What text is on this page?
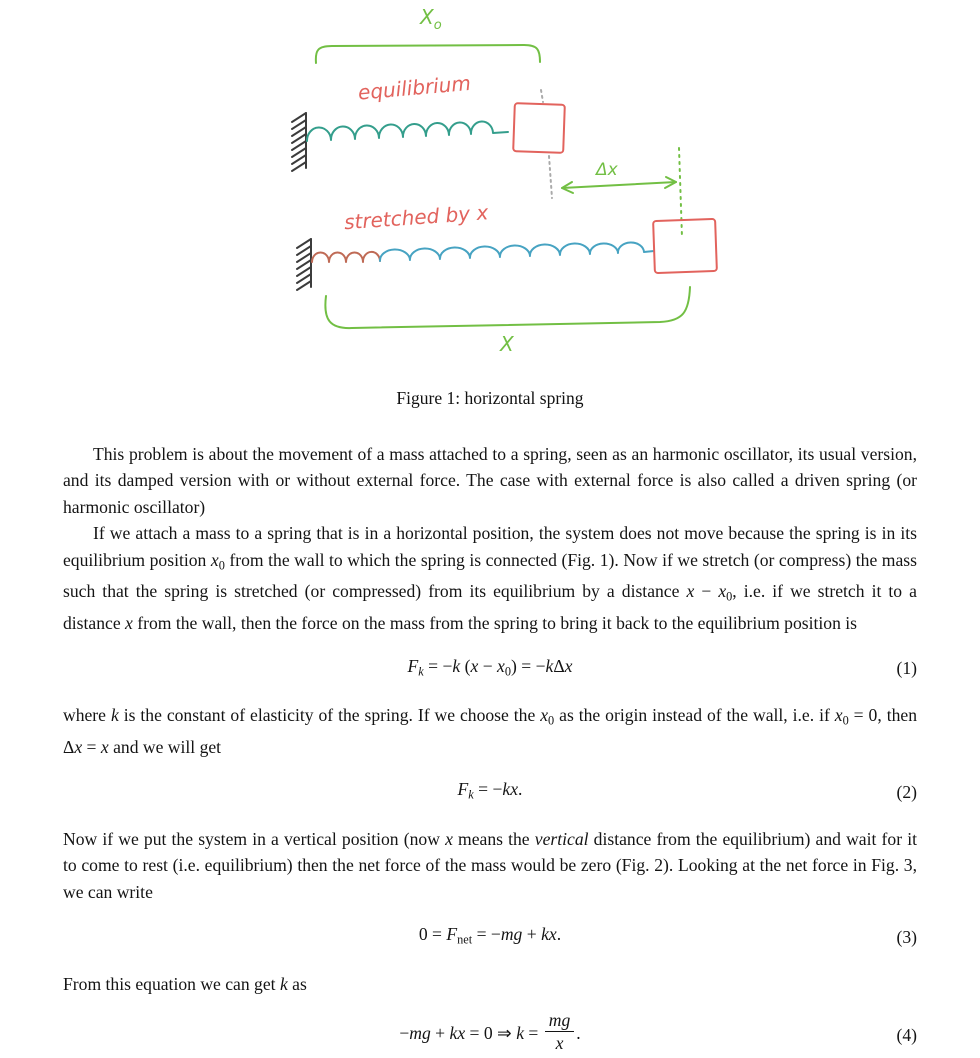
$X_o$
equilibrium
Δx
stretched by x
X
Figure 1: horizontal spring

This problem is about the movement of a mass attached to a spring, seen as an harmonic oscillator, its usual version, and its damped version with or without external force. The case with external force is also called a driven spring (or harmonic oscillator)

If we attach a mass to a spring that is in a horizontal position, the system does not move because the spring is in its equilibrium position $x_0$ from the wall to which the spring is connected (Fig. 1). Now if we stretch (or compress) the mass such that the spring is stretched (or compressed) from its equilibrium by a distance $x - x_0$, i.e. if we stretch it to a distance x from the wall, then the force on the mass from the spring to bring it back to the equilibrium position is

$F_k = -k$ $(x - x_0) = -k\Delta x$	(1)

where k is the constant of elasticity of the spring. If we choose the $x_0$ as the origin instead of the wall, i.e. if $x_0 = 0$, then Δx = x and we will get

$F_k = -kx$.	(2)

Now if we put the system in a vertical position (now x means the vertical distance from the equilibrium) and wait for it to come to rest (i.e. equilibrium) then the net force of the mass would be zero (Fig. 2). Looking at the net force in Fig. 3, we can write

$0 = F_{net} = -mg$ + kx.	(3)

From this equation we can get k as

−mg + kx = 0 ⇒ $k = \frac{mg}{x}$ .	(4)
